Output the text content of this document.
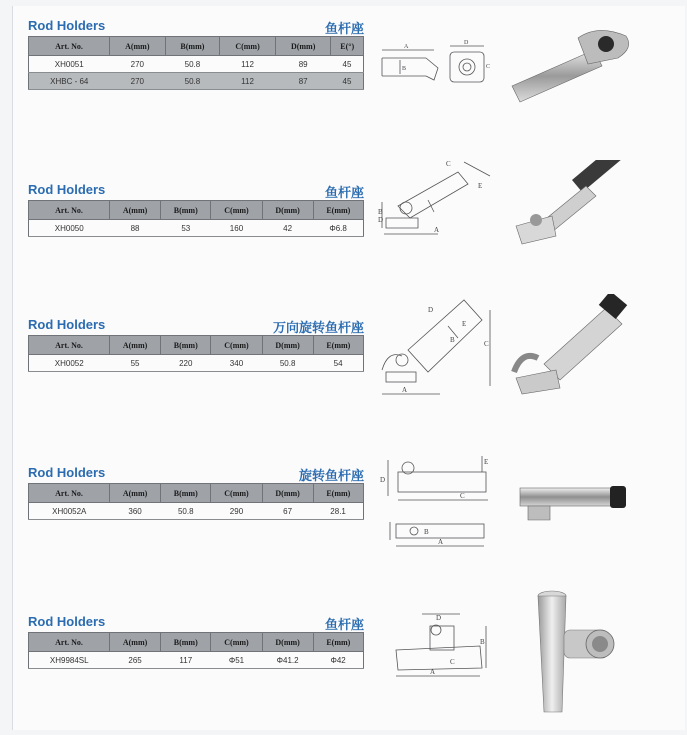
Rod Holders	鱼杆座
Art. No.	A(mm)	B(mm)	C(mm)	D(mm)	E(°)
XH0051	270	50.8	112	89	45
XHBC - 64	270	50.8	112	87	45
Rod Holders	鱼杆座
Art. No.	A(mm)	B(mm)	C(mm)	D(mm)	E(mm)
XH0050	88	53	160	42	Φ6.8
Rod Holders	万向旋转鱼杆座
Art. No.	A(mm)	B(mm)	C(mm)	D(mm)	E(mm)
XH0052	55	220	340	50.8	54
Rod Holders	旋转鱼杆座
Art. No.	A(mm)	B(mm)	C(mm)	D(mm)	E(mm)
XH0052A	360	50.8	290	67	28.1
Rod Holders	鱼杆座
Art. No.	A(mm)	B(mm)	C(mm)	D(mm)	E(mm)
XH9984SL	265	117	Φ51	Φ41.2	Φ42
A
B
D
C
C
B
D
A
E
D
B	C
A
E
D
C
E
B
A
D
B
C
A
